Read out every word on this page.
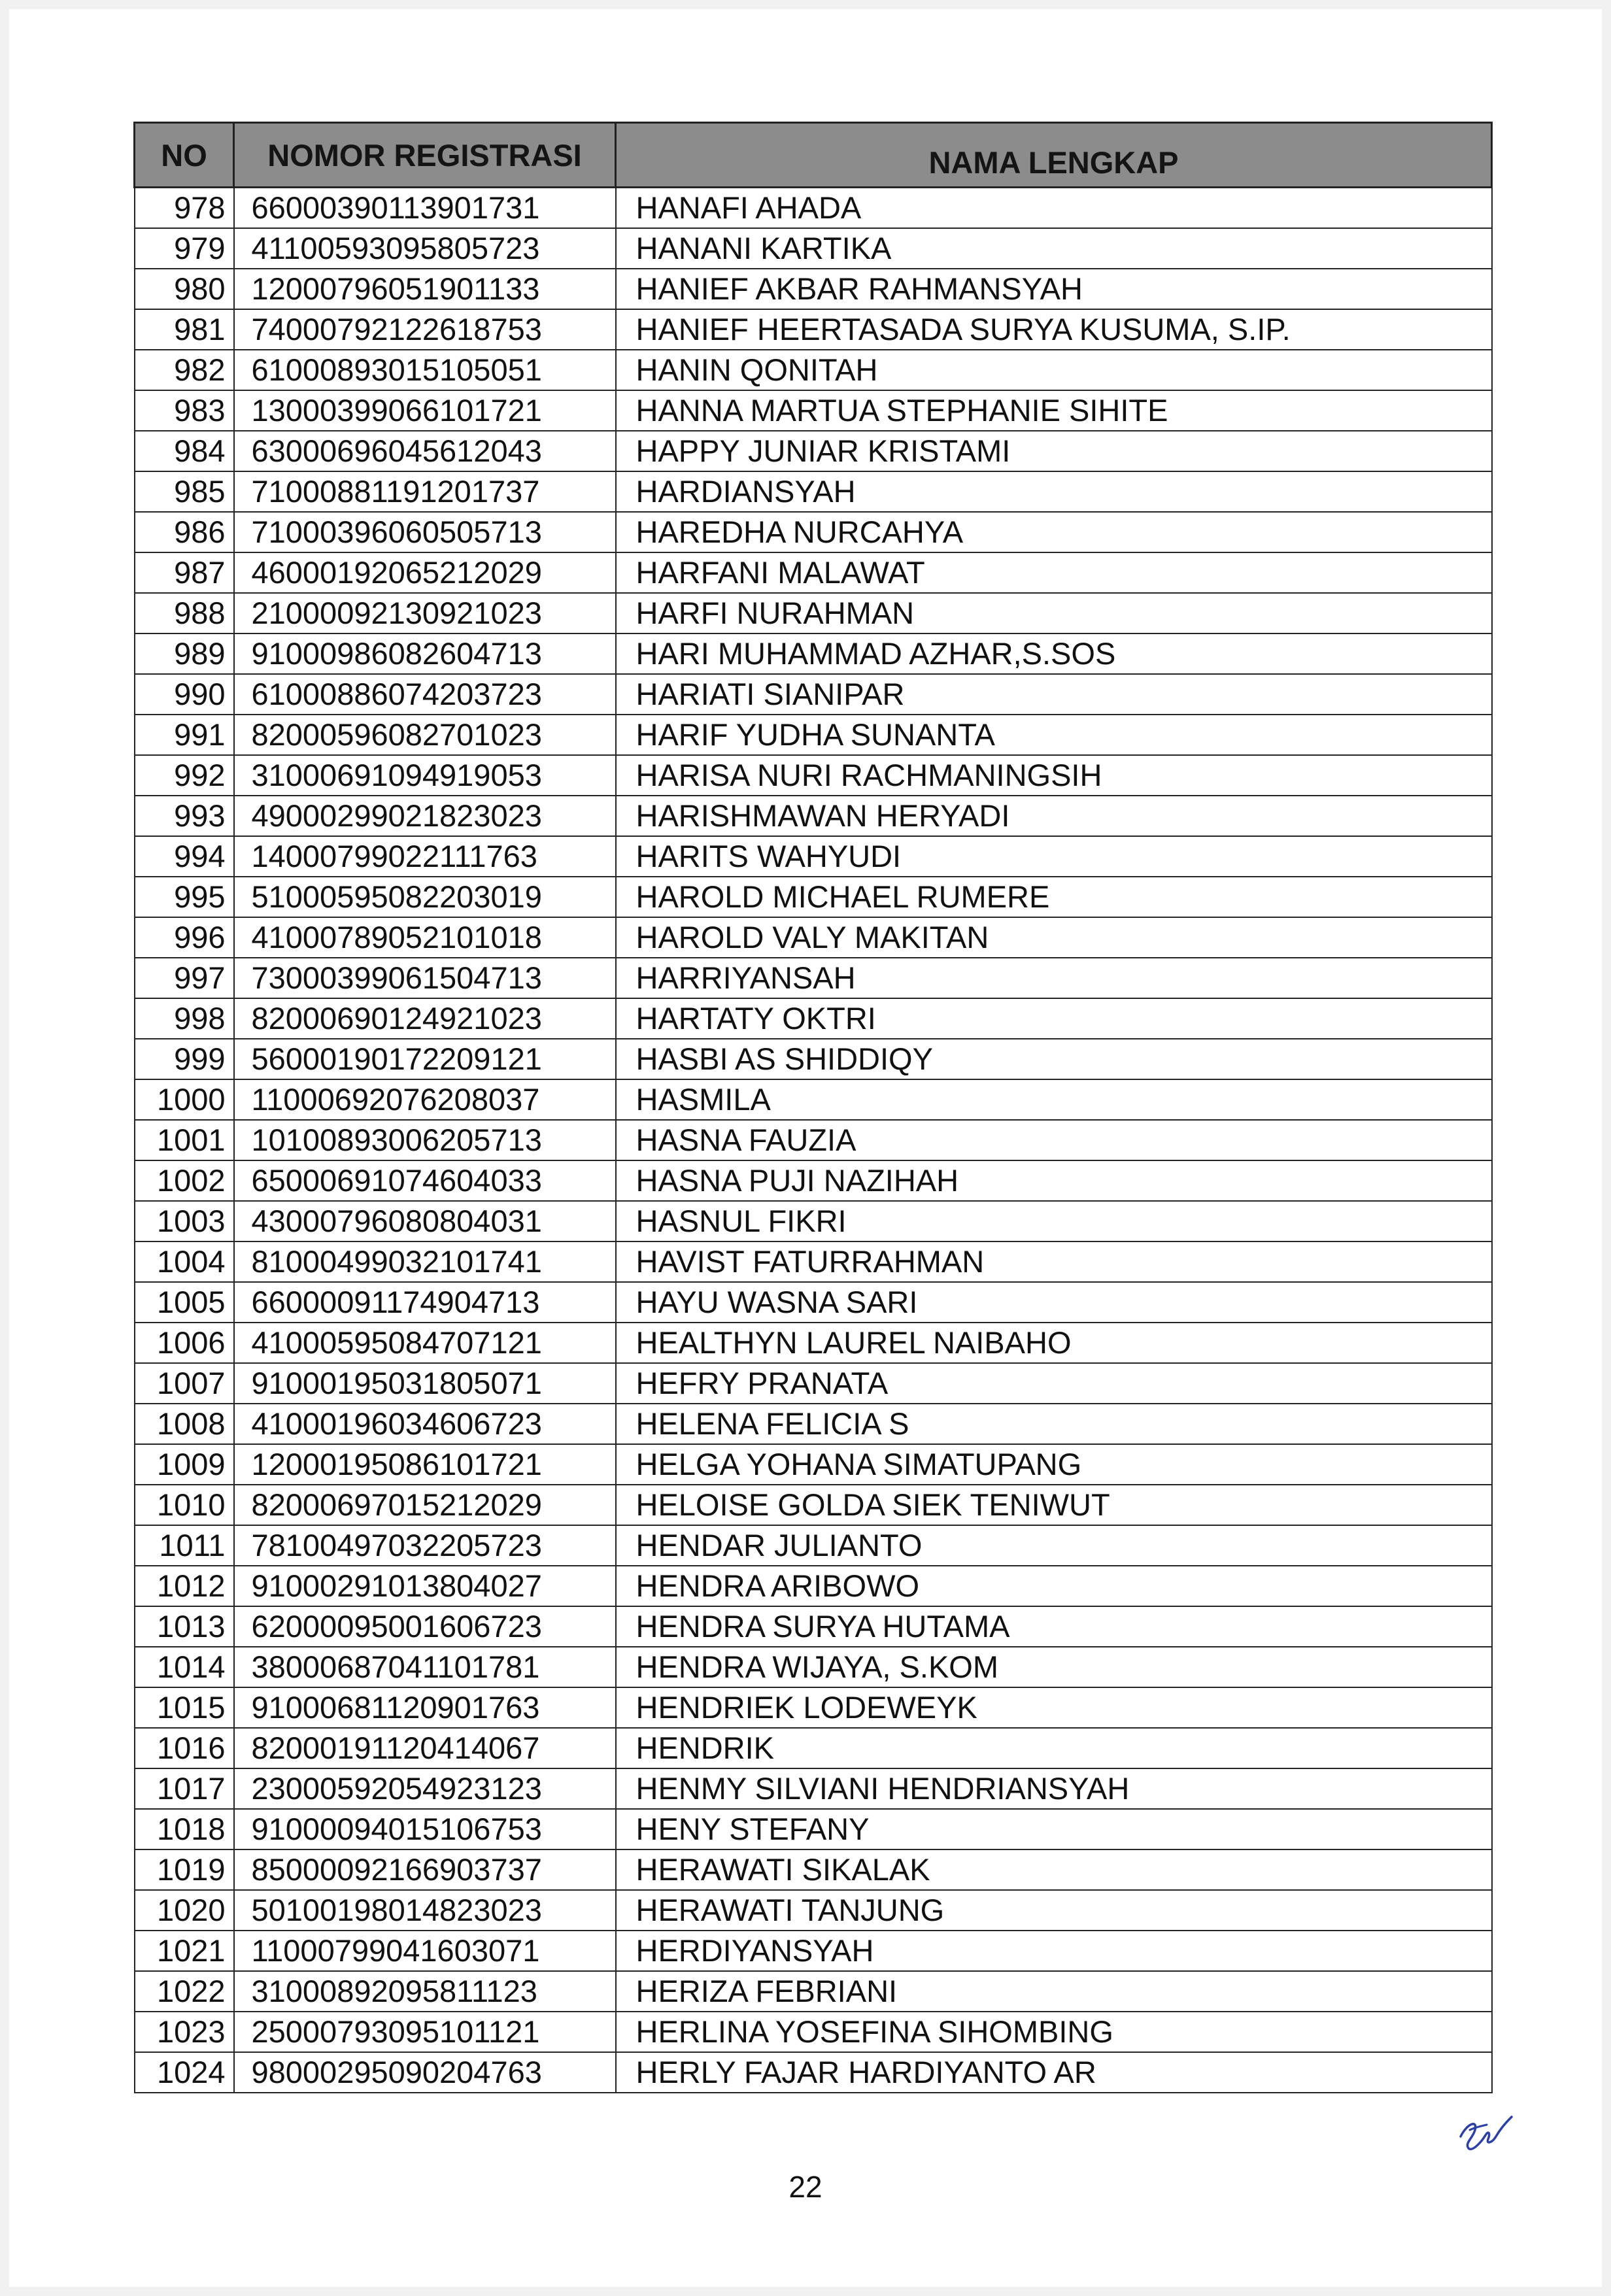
NO	NOMOR REGISTRASI	NAMA LENGKAP
978	66000390113901731	HANAFI AHADA
979	41100593095805723	HANANI KARTIKA
980	12000796051901133	HANIEF AKBAR RAHMANSYAH
981	74000792122618753	HANIEF HEERTASADA SURYA KUSUMA, S.IP.
982	61000893015105051	HANIN QONITAH
983	13000399066101721	HANNA MARTUA STEPHANIE SIHITE
984	63000696045612043	HAPPY JUNIAR KRISTAMI
985	71000881191201737	HARDIANSYAH
986	71000396060505713	HAREDHA NURCAHYA
987	46000192065212029	HARFANI MALAWAT
988	21000092130921023	HARFI NURAHMAN
989	91000986082604713	HARI MUHAMMAD AZHAR,S.SOS
990	61000886074203723	HARIATI SIANIPAR
991	82000596082701023	HARIF YUDHA SUNANTA
992	31000691094919053	HARISA NURI RACHMANINGSIH
993	49000299021823023	HARISHMAWAN HERYADI
994	14000799022111763	HARITS WAHYUDI
995	51000595082203019	HAROLD MICHAEL RUMERE
996	41000789052101018	HAROLD VALY MAKITAN
997	73000399061504713	HARRIYANSAH
998	82000690124921023	HARTATY OKTRI
999	56000190172209121	HASBI AS SHIDDIQY
1000	11000692076208037	HASMILA
1001	10100893006205713	HASNA FAUZIA
1002	65000691074604033	HASNA PUJI NAZIHAH
1003	43000796080804031	HASNUL FIKRI
1004	81000499032101741	HAVIST FATURRAHMAN
1005	66000091174904713	HAYU WASNA SARI
1006	41000595084707121	HEALTHYN LAUREL NAIBAHO
1007	91000195031805071	HEFRY PRANATA
1008	41000196034606723	HELENA FELICIA S
1009	12000195086101721	HELGA YOHANA SIMATUPANG
1010	82000697015212029	HELOISE GOLDA SIEK TENIWUT
1011	78100497032205723	HENDAR JULIANTO
1012	91000291013804027	HENDRA ARIBOWO
1013	62000095001606723	HENDRA SURYA HUTAMA
1014	38000687041101781	HENDRA WIJAYA, S.KOM
1015	91000681120901763	HENDRIEK LODEWEYK
1016	82000191120414067	HENDRIK
1017	23000592054923123	HENMY SILVIANI HENDRIANSYAH
1018	91000094015106753	HENY STEFANY
1019	85000092166903737	HERAWATI SIKALAK
1020	50100198014823023	HERAWATI TANJUNG
1021	11000799041603071	HERDIYANSYAH
1022	31000892095811123	HERIZA FEBRIANI
1023	25000793095101121	HERLINA YOSEFINA SIHOMBING
1024	98000295090204763	HERLY FAJAR HARDIYANTO AR
22
